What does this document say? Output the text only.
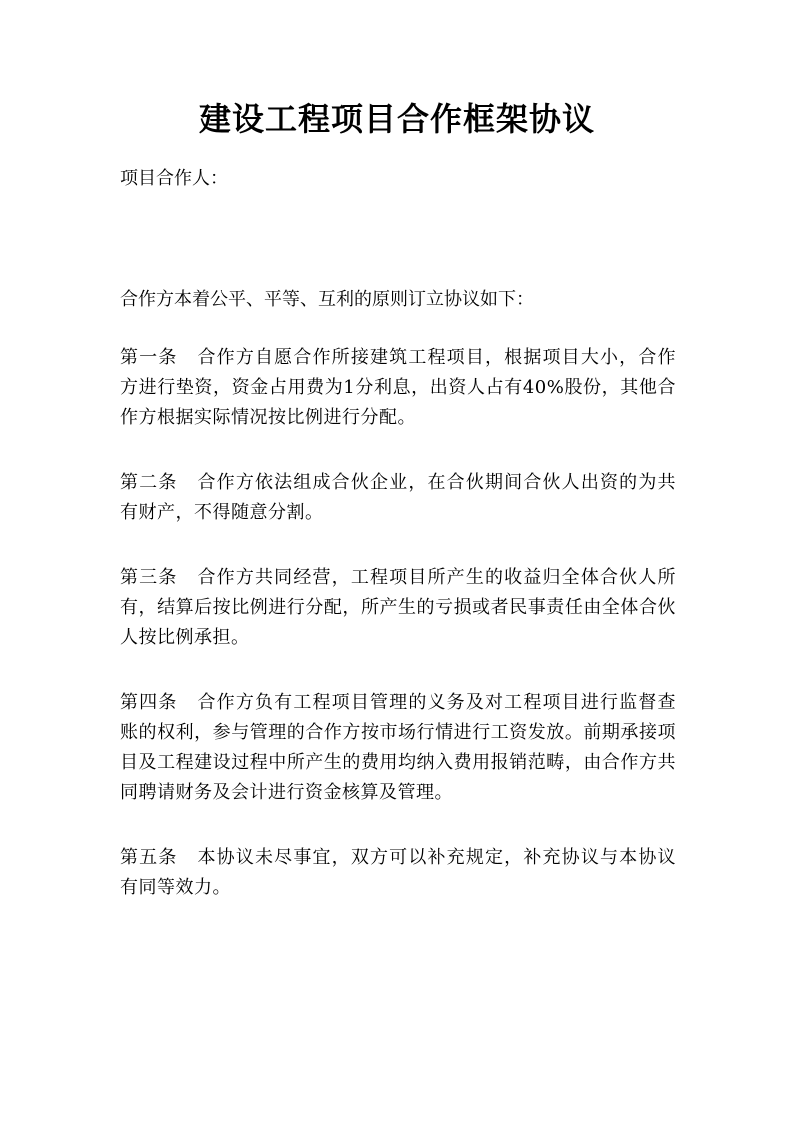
建设工程项目合作框架协议

项目合作人：

合作方本着公平、平等、互利的原则订立协议如下：

第一条 合作方自愿合作所接建筑工程项目，根据项目大小，合作方进行垫资，资金占用费为1分利息，出资人占有40%股份，其他合作方根据实际情况按比例进行分配。

第二条 合作方依法组成合伙企业，在合伙期间合伙人出资的为共有财产，不得随意分割。

第三条 合作方共同经营，工程项目所产生的收益归全体合伙人所有，结算后按比例进行分配，所产生的亏损或者民事责任由全体合伙人按比例承担。

第四条 合作方负有工程项目管理的义务及对工程项目进行监督查账的权利，参与管理的合作方按市场行情进行工资发放。前期承接项目及工程建设过程中所产生的费用均纳入费用报销范畴，由合作方共同聘请财务及会计进行资金核算及管理。

第五条 本协议未尽事宜，双方可以补充规定，补充协议与本协议有同等效力。
